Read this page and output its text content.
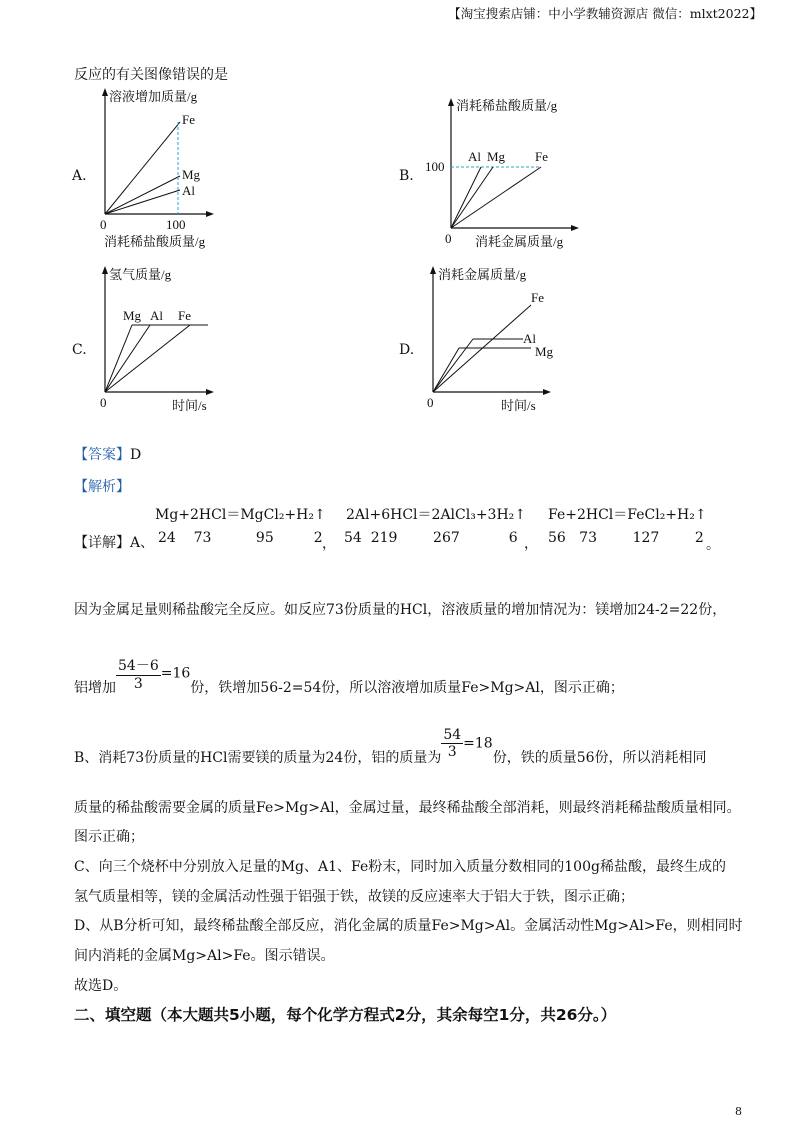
【淘宝搜索店铺：中小学教辅资源店 微信：mlxt2022】
反应的有关图像错误的是
A.
溶液增加质量/g
Fe
Mg
Al
0	100
消耗稀盐酸质量/g
B.
消耗稀盐酸质量/g
Al Mg Fe
100
0 消耗金属质量/g
C.
氢气质量/g
Mg Al Fe
0	时间/s
D.
消耗金属质量/g
Fe
Al
Mg
0	时间/s
【答案】D
【解析】
【详解】A、
Mg+2HCl＝MgCl₂+H₂↑
24    73          95         2 ，
2Al+6HCl＝2AlCl₃+3H₂↑
54  219        267           6 ，
Fe+2HCl＝FeCl₂+H₂↑
56   73        127        2 。
因为金属足量则稀盐酸完全反应。如反应73份质量的HCl，溶液质量的增加情况为：镁增加24-2=22份，
铝增加 $\frac{54-6}{3} =16$份，铁增加56-2=54份，所以溶液增加质量Fe>Mg>Al，图示正确；
B、消耗73份质量的HCl需要镁的质量为24份，铝的质量为 $\frac{54}{3} =18$份，铁的质量56份，所以消耗相同
质量的稀盐酸需要金属的质量Fe>Mg>Al，金属过量，最终稀盐酸全部消耗，则最终消耗稀盐酸质量相同。
图示正确；
C、向三个烧杯中分别放入足量的Mg、A1、Fe粉末，同时加入质量分数相同的100g稀盐酸，最终生成的
氢气质量相等，镁的金属活动性强于铝强于铁，故镁的反应速率大于铝大于铁，图示正确；
D、从B分析可知，最终稀盐酸全部反应，消化金属的质量Fe>Mg>Al。金属活动性Mg>Al>Fe，则相同时
间内消耗的金属Mg>Al>Fe。图示错误。
故选D。
二、填空题（本大题共5小题，每个化学方程式2分，其余每空1分，共26分。）
8
